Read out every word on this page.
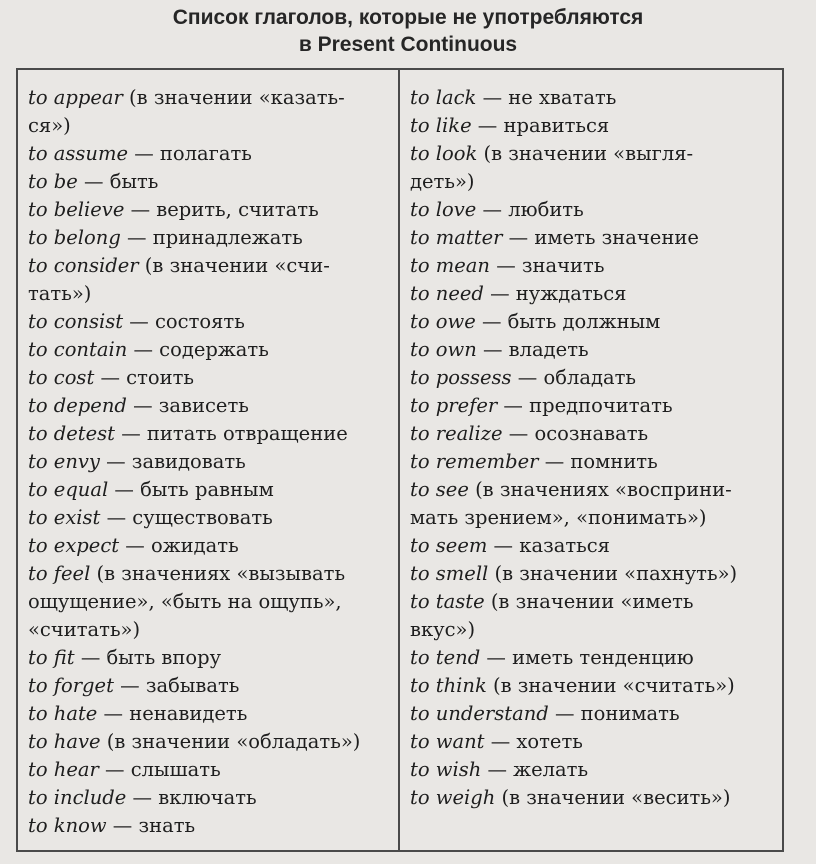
Список глаголов, которые не употребляются
в Present Continuous
to appear (в значении «казать-
ся»)
to assume — полагать
to be — быть
to believe — верить, считать
to belong — принадлежать
to consider (в значении «счи-
тать»)
to consist — состоять
to contain — содержать
to cost — стоить
to depend — зависеть
to detest — питать отвращение
to envy — завидовать
to equal — быть равным
to exist — существовать
to expect — ожидать
to feel (в значениях «вызывать
ощущение», «быть на ощупь»,
«считать»)
to fit — быть впору
to forget — забывать
to hate — ненавидеть
to have (в значении «обладать»)
to hear — слышать
to include — включать
to know — знать
to lack — не хватать
to like — нравиться
to look (в значении «выгля-
деть»)
to love — любить
to matter — иметь значение
to mean — значить
to need — нуждаться
to owe — быть должным
to own — владеть
to possess — обладать
to prefer — предпочитать
to realize — осознавать
to remember — помнить
to see (в значениях «восприни-
мать зрением», «понимать»)
to seem — казаться
to smell (в значении «пахнуть»)
to taste (в значении «иметь
вкус»)
to tend — иметь тенденцию
to think (в значении «считать»)
to understand — понимать
to want — хотеть
to wish — желать
to weigh (в значении «весить»)
